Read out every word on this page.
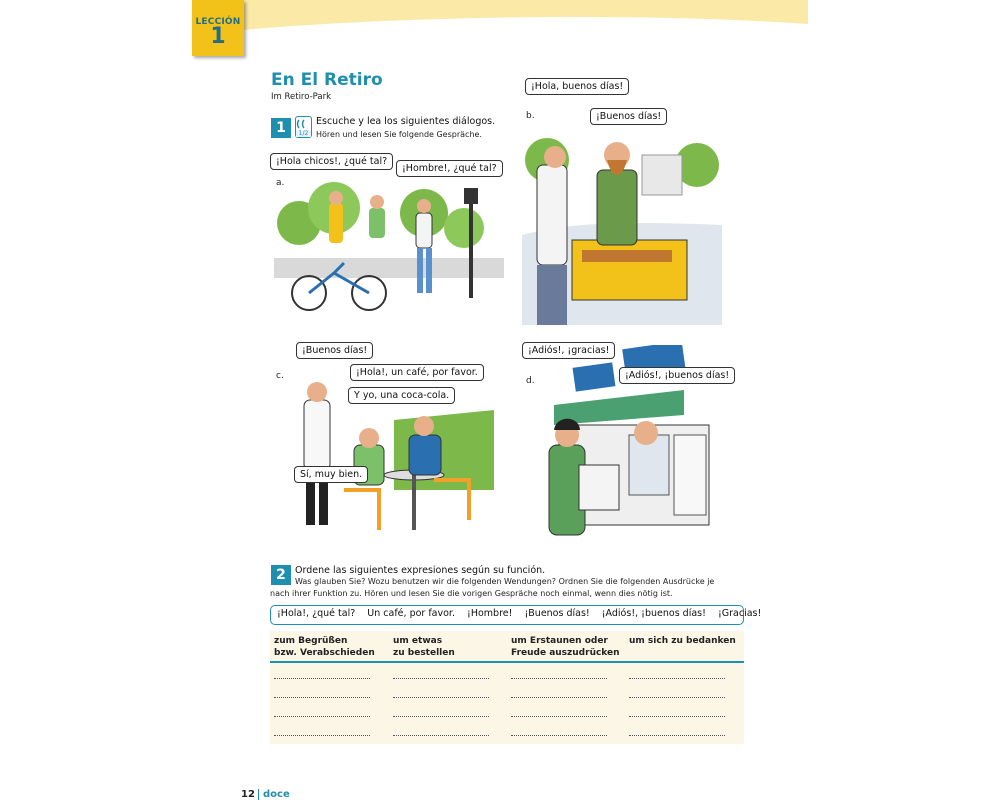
LECCIÓN
1
En El Retiro
Im Retiro-Park
1	1/2
Escuche y lea los siguientes diálogos.
Hören und lesen Sie folgende Gespräche.
a.
¡Hola chicos!, ¿qué tal?
¡Hombre!, ¿qué tal?
b.
¡Hola, buenos días!
¡Buenos días!
c.
¡Buenos días!
¡Hola!, un café, por favor.
Y yo, una coca-cola.
Sí, muy bien.
d.
¡Adiós!, ¡gracias!
¡Adiós!, ¡buenos días!
2 Ordene las siguientes expresiones según su función.
Was glauben Sie? Wozu benutzen wir die folgenden Wendungen? Ordnen Sie die folgenden Ausdrücke je
nach ihrer Funktion zu. Hören und lesen Sie die vorigen Gespräche noch einmal, wenn dies nötig ist.
¡Hola!, ¿qué tal? Un café, por favor. ¡Hombre! ¡Buenos días! ¡Adiós!, ¡buenos días! ¡Gracias!
zum Begrüßen
bzw. Verabschieden
um etwas
zu bestellen
um Erstaunen oder
Freude auszudrücken
um sich zu bedanken
12 doce
